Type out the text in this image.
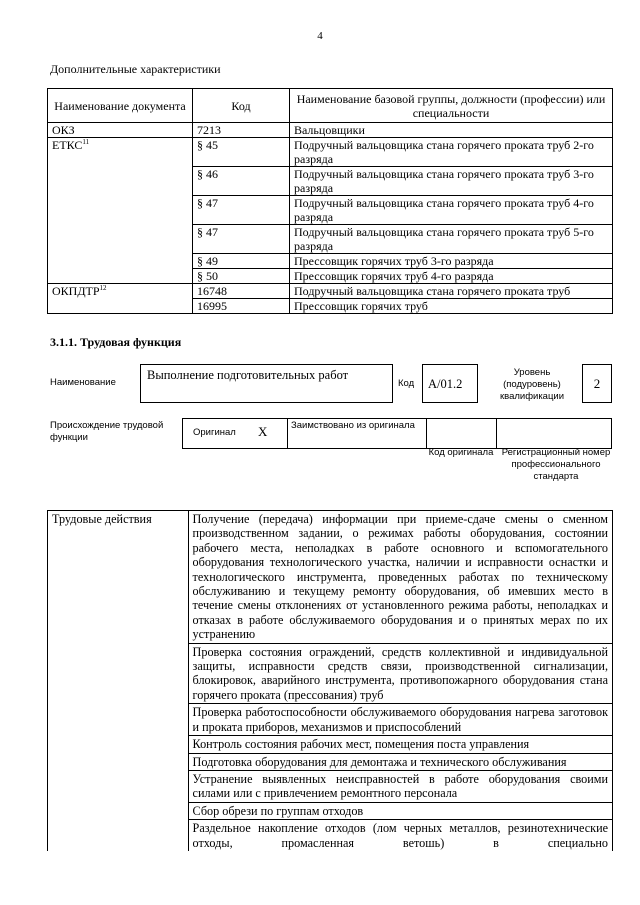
4
Дополнительные характеристики
Наименование документа	Код	Наименование базовой группы, должности (профессии) или специальности
ОКЗ	7213	Вальцовщики
ЕТКС$^{11}$	§ 45	Подручный вальцовщика стана горячего проката труб 2-го разряда
	§ 46	Подручный вальцовщика стана горячего проката труб 3-го разряда
	§ 47	Подручный вальцовщика стана горячего проката труб 4-го разряда
	§ 47	Подручный вальцовщика стана горячего проката труб 5-го разряда
	§ 49	Прессовщик горячих труб 3-го разряда
	§ 50	Прессовщик горячих труб 4-го разряда
ОКПДТР$^{12}$	16748	Подручный вальцовщика стана горячего проката труб
	16995	Прессовщик горячих труб
3.1.1. Трудовая функция
Наименование
Выполнение подготовительных работ
Код	A/01.2
Уровень (подуровень) квалификации
2
Происхождение трудовой функции	Оригинал X Заимствовано из оригинала
Код оригинала Регистрационный номер профессионального стандарта
Трудовые действия	Получение (передача) информации при приеме-сдаче смены о сменном производственном задании, о режимах работы оборудования, состоянии рабочего места, неполадках в работе основного и вспомогательного оборудования технологического участка, наличии и исправности оснастки и технологического инструмента, проведенных работах по техническому обслуживанию и текущему ремонту оборудования, об имевших место в течение смены отклонениях от установленного режима работы, неполадках и отказах в работе обслуживаемого оборудования и о принятых мерах по их устранению
Проверка состояния ограждений, средств коллективной и индивидуальной защиты, исправности средств связи, производственной сигнализации, блокировок, аварийного инструмента, противопожарного оборудования стана горячего проката (прессования) труб
Проверка работоспособности обслуживаемого оборудования нагрева заготовок и проката приборов, механизмов и приспособлений
Контроль состояния рабочих мест, помещения поста управления
Подготовка оборудования для демонтажа и технического обслуживания
Устранение выявленных неисправностей в работе оборудования своими силами или с привлечением ремонтного персонала
Сбор обрези по группам отходов
Раздельное накопление отходов (лом черных металлов, резинотехнические отходы, промасленная ветошь) в специально
